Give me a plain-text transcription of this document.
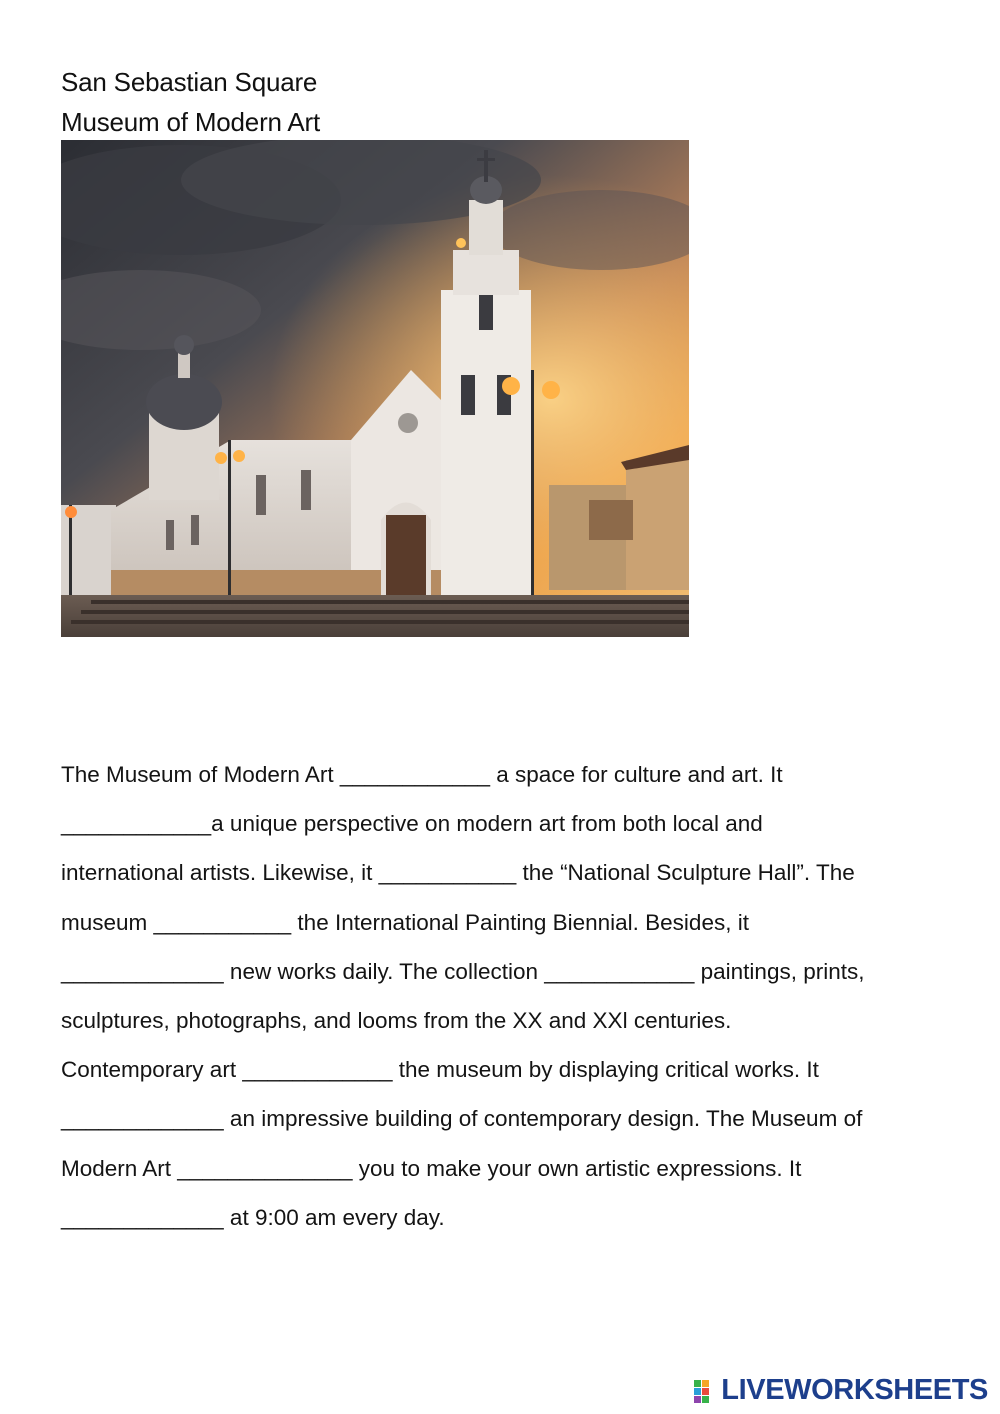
San Sebastian Square
Museum of Modern Art
The Museum of Modern Art ____________ a space for culture and art. It
____________a unique perspective on modern art from both local and
international artists. Likewise, it ___________ the “National Sculpture Hall”. The
museum ___________ the International Painting Biennial. Besides, it
_____________ new works daily. The collection ____________ paintings, prints,
sculptures, photographs, and looms from the XX and XXl centuries.
Contemporary art ____________ the museum by displaying critical works. It
_____________ an impressive building of contemporary design. The Museum of
Modern Art ______________ you to make your own artistic expressions. It
_____________ at 9:00 am every day.
LIVEWORKSHEETS
